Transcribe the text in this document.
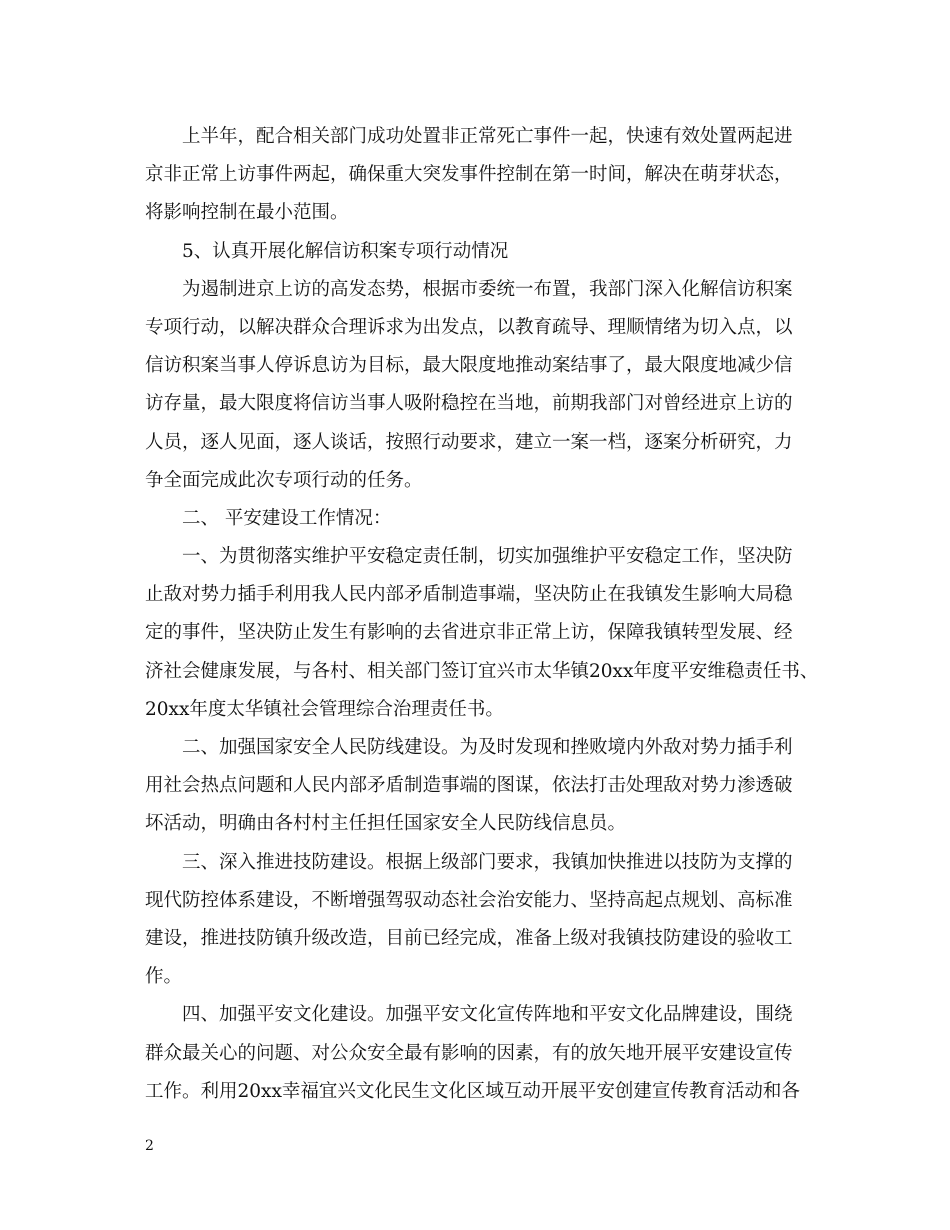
上半年，配合相关部门成功处置非正常死亡事件一起，快速有效处置两起进

京非正常上访事件两起，确保重大突发事件控制在第一时间，解决在萌芽状态，

将影响控制在最小范围。

5、认真开展化解信访积案专项行动情况

为遏制进京上访的高发态势，根据市委统一布置，我部门深入化解信访积案

专项行动，以解决群众合理诉求为出发点，以教育疏导、理顺情绪为切入点，以

信访积案当事人停诉息访为目标，最大限度地推动案结事了，最大限度地减少信

访存量，最大限度将信访当事人吸附稳控在当地，前期我部门对曾经进京上访的

人员，逐人见面，逐人谈话，按照行动要求，建立一案一档，逐案分析研究，力

争全面完成此次专项行动的任务。

二、 平安建设工作情况：

一、为贯彻落实维护平安稳定责任制，切实加强维护平安稳定工作，坚决防

止敌对势力插手利用我人民内部矛盾制造事端，坚决防止在我镇发生影响大局稳

定的事件，坚决防止发生有影响的去省进京非正常上访，保障我镇转型发展、经

济社会健康发展，与各村、相关部门签订宜兴市太华镇20xx年度平安维稳责任书、

20xx年度太华镇社会管理综合治理责任书。

二、加强国家安全人民防线建设。为及时发现和挫败境内外敌对势力插手利

用社会热点问题和人民内部矛盾制造事端的图谋，依法打击处理敌对势力渗透破

坏活动，明确由各村村主任担任国家安全人民防线信息员。

三、深入推进技防建设。根据上级部门要求，我镇加快推进以技防为支撑的

现代防控体系建设，不断增强驾驭动态社会治安能力、坚持高起点规划、高标准

建设，推进技防镇升级改造，目前已经完成，准备上级对我镇技防建设的验收工

作。

四、加强平安文化建设。加强平安文化宣传阵地和平安文化品牌建设，围绕

群众最关心的问题、对公众安全最有影响的因素，有的放矢地开展平安建设宣传

工作。利用20xx幸福宜兴文化民生文化区域互动开展平安创建宣传教育活动和各

2
